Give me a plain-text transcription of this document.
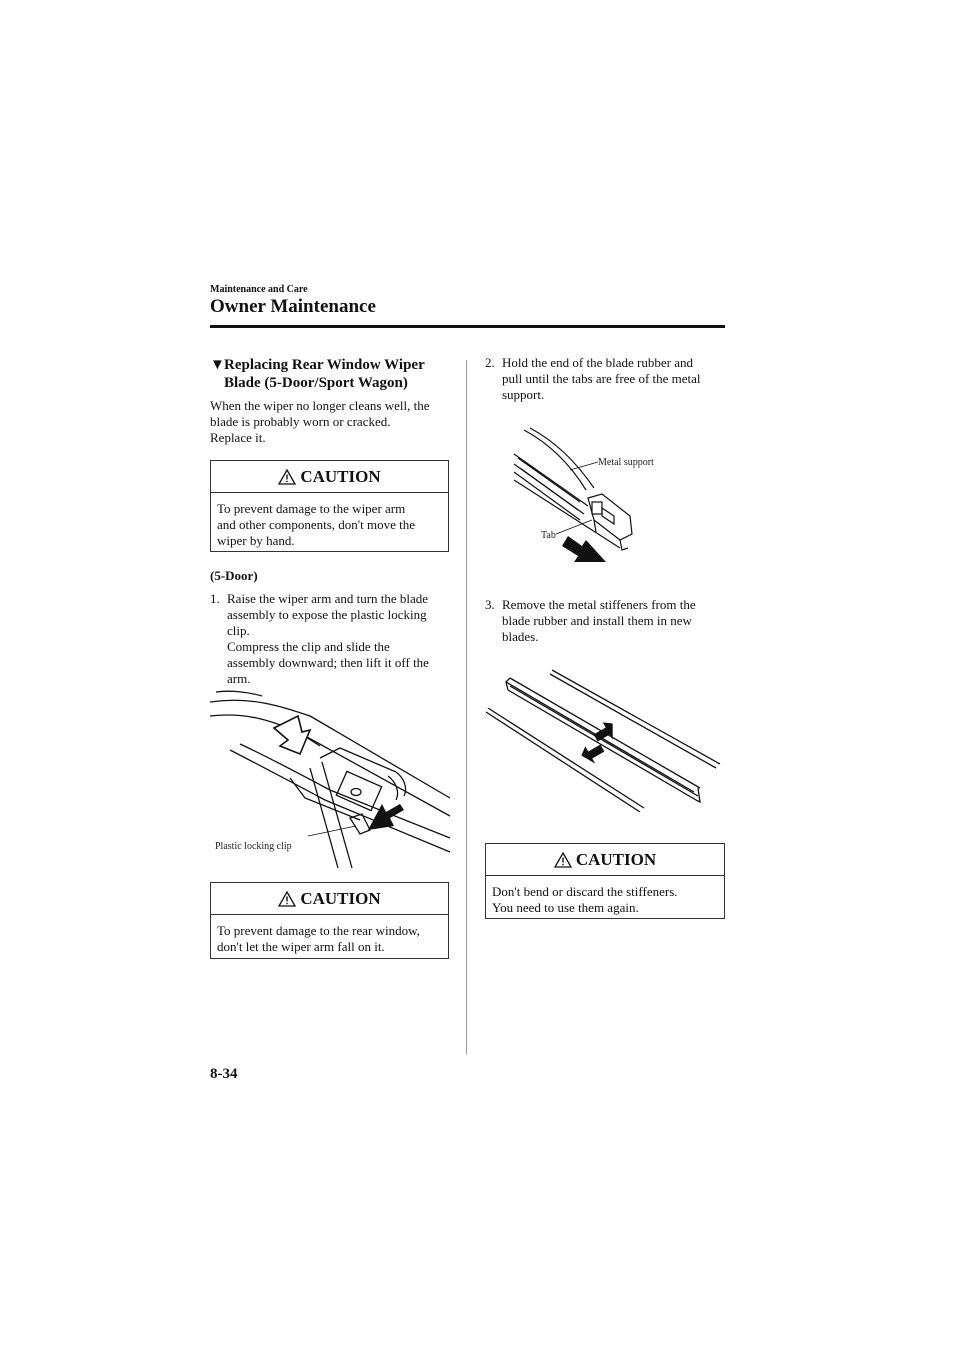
Maintenance and Care
Owner Maintenance
▼ Replacing Rear Window Wiper
Blade (5-Door/Sport Wagon)
When the wiper no longer cleans well, the
blade is probably worn or cracked.
Replace it.
CAUTION
To prevent damage to the wiper arm
and other components, don't move the
wiper by hand.
(5-Door)
1. Raise the wiper arm and turn the blade
assembly to expose the plastic locking
clip.
Compress the clip and slide the
assembly downward; then lift it off the
arm.
Plastic locking clip
CAUTION
To prevent damage to the rear window,
don't let the wiper arm fall on it.
2. Hold the end of the blade rubber and
pull until the tabs are free of the metal
support.
Metal support
Tab
3. Remove the metal stiffeners from the
blade rubber and install them in new
blades.
CAUTION
Don't bend or discard the stiffeners.
You need to use them again.
8-34
